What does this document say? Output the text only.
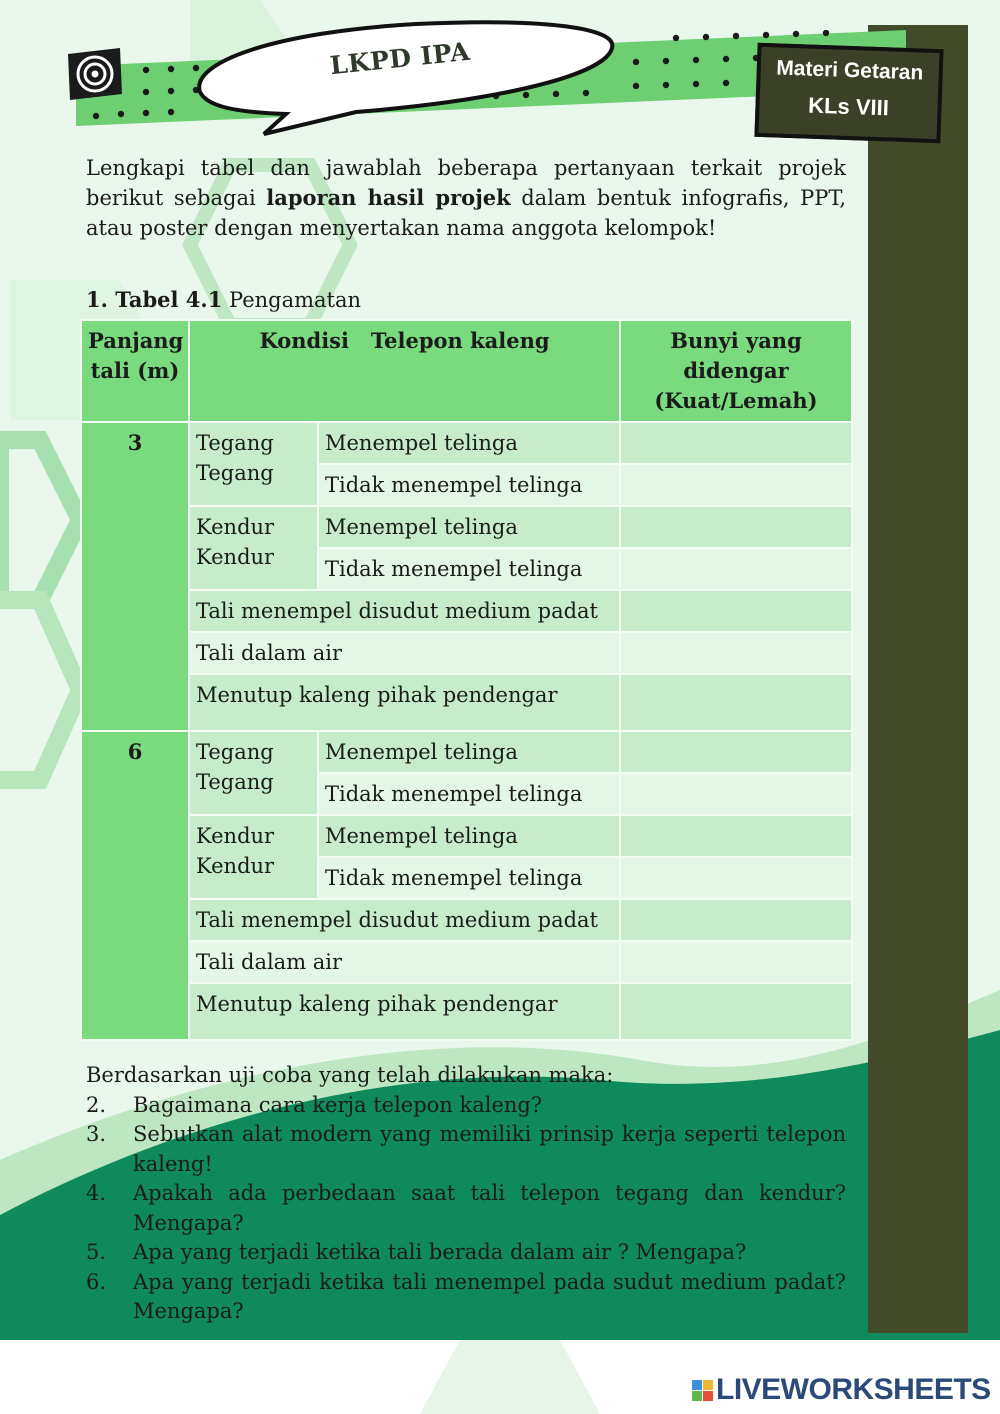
LKPD IPA	Materi Getaran
KLs VIII
Lengkapi tabel dan jawablah beberapa pertanyaan terkait projek berikut sebagai laporan hasil projek dalam bentuk infografis, PPT, atau poster dengan menyertakan nama anggota kelompok!
1. Tabel 4.1 Pengamatan
Panjang tali (m)	Kondisi   Telepon kaleng		Bunyi yang didengar (Kuat/Lemah)
3	Tegang Tegang	Menempel telinga	
		Tidak menempel telinga	
	Kendur Kendur	Menempel telinga	
		Tidak menempel telinga	
	Tali menempel disudut medium padat		
	Tali dalam air		
	Menutup kaleng pihak pendengar		
6	Tegang Tegang	Menempel telinga	
		Tidak menempel telinga	
	Kendur Kendur	Menempel telinga	
		Tidak menempel telinga	
	Tali menempel disudut medium padat		
	Tali dalam air		
	Menutup kaleng pihak pendengar		
Berdasarkan uji coba yang telah dilakukan maka:
2.	Bagaimana cara kerja telepon kaleng?
3.	Sebutkan alat modern yang memiliki prinsip kerja seperti telepon kaleng!
4.	Apakah ada perbedaan saat tali telepon tegang dan kendur? Mengapa?
5.	Apa yang terjadi ketika tali berada dalam air ? Mengapa?
6.	Apa yang terjadi ketika tali menempel pada sudut medium padat? Mengapa?
LIVEWORKSHEETS
